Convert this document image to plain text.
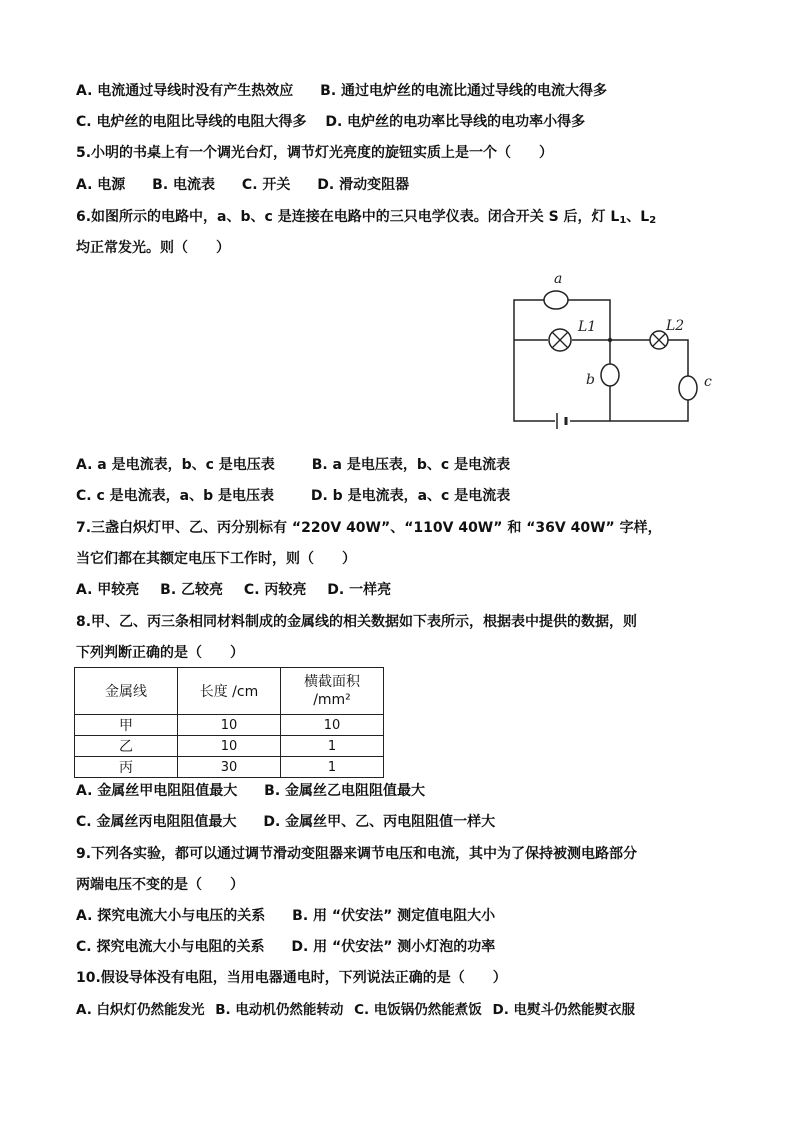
A. 电流通过导线时没有产生热效应 B. 通过电炉丝的电流比通过导线的电流大得多
C. 电炉丝的电阻比导线的电阻大得多 D. 电炉丝的电功率比导线的电功率小得多
5.小明的书桌上有一个调光台灯，调节灯光亮度的旋钮实质上是一个（　　）
A. 电源 B. 电流表 C. 开关 D. 滑动变阻器
6.如图所示的电路中，a、b、c 是连接在电路中的三只电学仪表。闭合开关 S 后，灯 $L_1$、$L_2$
均正常发光。则（　　）
a
L1	L2
b	c
A. a 是电流表，b、c 是电压表	B. a 是电压表，b、c 是电流表
C. c 是电流表，a、b 是电压表	D. b 是电流表，a、c 是电流表
7.三盏白炽灯甲、乙、丙分别标有 “220V 40W”、“110V 40W” 和 “36V 40W” 字样，
当它们都在其额定电压下工作时，则（　　）
A. 甲较亮 B. 乙较亮 C. 丙较亮 D. 一样亮
8.甲、乙、丙三条相同材料制成的金属线的相关数据如下表所示，根据表中提供的数据，则
下列判断正确的是（　　）
金属线	长度 /cm	横截面积
/mm²
甲	10	10
乙	10	1
丙	30	1
A. 金属丝甲电阻阻值最大 B. 金属丝乙电阻阻值最大
C. 金属丝丙电阻阻值最大 D. 金属丝甲、乙、丙电阻阻值一样大
9.下列各实验，都可以通过调节滑动变阻器来调节电压和电流，其中为了保持被测电路部分
两端电压不变的是（　　）
A. 探究电流大小与电压的关系 B. 用 “伏安法” 测定值电阻大小
C. 探究电流大小与电阻的关系 D. 用 “伏安法” 测小灯泡的功率
10.假设导体没有电阻，当用电器通电时，下列说法正确的是（　　）
A. 白炽灯仍然能发光 B. 电动机仍然能转动 C. 电饭锅仍然能煮饭 D. 电熨斗仍然能熨衣服
